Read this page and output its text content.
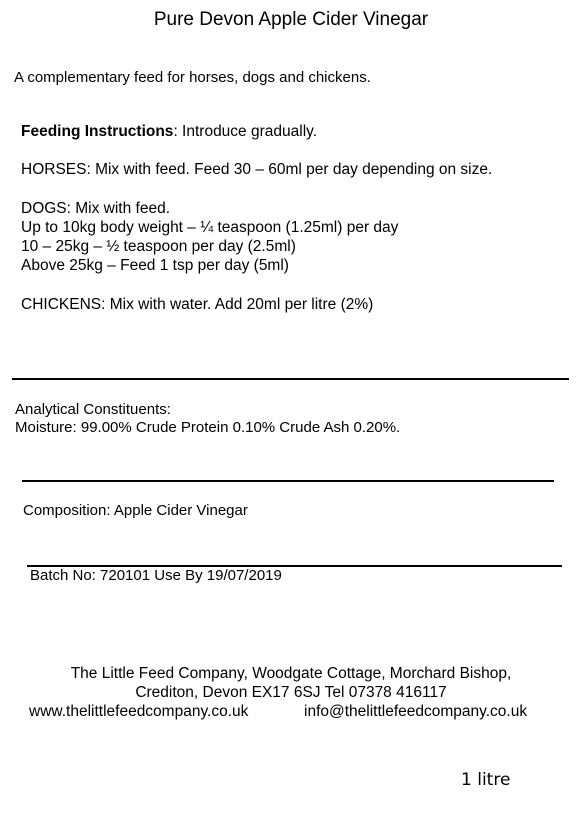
Pure Devon Apple Cider Vinegar
A complementary feed for horses, dogs and chickens.
Feeding Instructions: Introduce gradually.
HORSES: Mix with feed. Feed 30 – 60ml per day depending on size.
DOGS: Mix with feed.
Up to 10kg body weight – ¼ teaspoon (1.25ml) per day
10 – 25kg – ½ teaspoon per day (2.5ml)
Above 25kg – Feed 1 tsp per day (5ml)
CHICKENS: Mix with water. Add 20ml per litre (2%)
Analytical Constituents:
Moisture: 99.00% Crude Protein 0.10% Crude Ash 0.20%.
Composition: Apple Cider Vinegar
Batch No: 720101 Use By 19/07/2019
The Little Feed Company, Woodgate Cottage, Morchard Bishop,
Crediton, Devon EX17 6SJ Tel 07378 416117
www.thelittlefeedcompany.co.uk	info@thelittlefeedcompany.co.uk
1 litre
